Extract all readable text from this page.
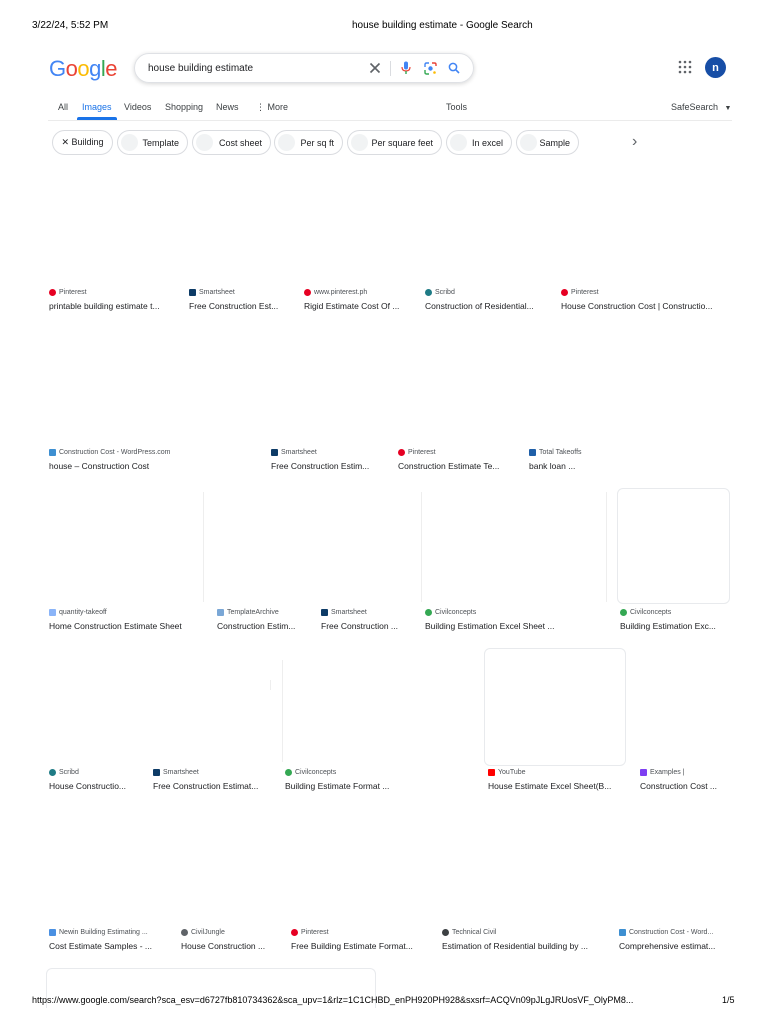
3/22/24, 5:52 PM	house building estimate - Google Search
Google
house building estimate	n
All Images Videos Shopping News ⋮ More	Tools	SafeSearch ▼
✕ Building	Template	Cost sheet	Per sq ft	Per square feet	In excel	Sample	›
Pinterest
printable building estimate t...
Smartsheet
Free Construction Est...
www.pinterest.ph
Rigid Estimate Cost Of ...
Scribd
Construction of Residential...
Pinterest
House Construction Cost | Constructio...
Construction Cost - WordPress.com
house – Construction Cost
Smartsheet
Free Construction Estim...
Pinterest
Construction Estimate Te...
Total Takeoffs
bank loan ...
quantity-takeoff
Home Construction Estimate Sheet
TemplateArchive
Construction Estim...
Smartsheet
Free Construction ...
Civilconcepts
Building Estimation Excel Sheet ...
Civilconcepts
Building Estimation Exc...
Scribd
House Constructio...
Smartsheet
Free Construction Estimat...
Civilconcepts
Building Estimate Format ...
YouTube
House Estimate Excel Sheet(B...
Examples |
Construction Cost ...
Newin Building Estimating ...
Cost Estimate Samples - ...
CivilJungle
House Construction ...
Pinterest
Free Building Estimate Format...
Technical Civil
Estimation of Residential building by ...
Construction Cost - Word...
Comprehensive estimat...
https://www.google.com/search?sca_esv=d6727fb810734362&sca_upv=1&rlz=1C1CHBD_enPH920PH928&sxsrf=ACQVn09pJLgJRUosVF_OlyPM8...	1/5
